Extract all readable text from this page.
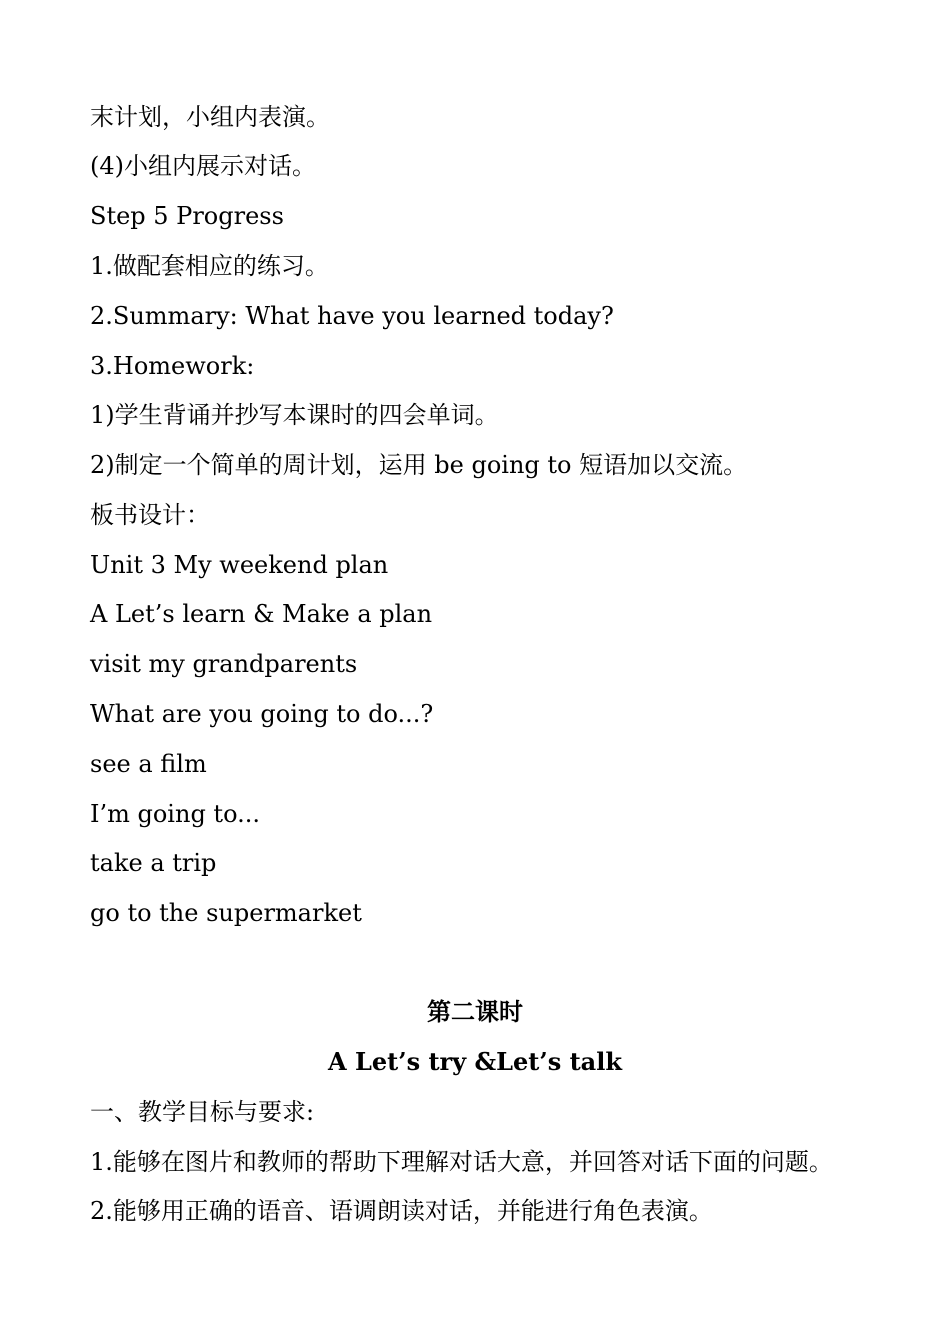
末计划，小组内表演。
(4)小组内展示对话。
Step 5 Progress
1.做配套相应的练习。
2.Summary: What have you learned today?
3.Homework:
1)学生背诵并抄写本课时的四会单词。
2)制定一个简单的周计划，运用 be going to 短语加以交流。
板书设计：
Unit 3 My weekend plan
A Let’s learn & Make a plan
visit my grandparents
What are you going to do...?
see a film
I’m going to...
take a trip
go to the supermarket
第二课时
A Let’s try &Let’s talk
一、教学目标与要求:
1.能够在图片和教师的帮助下理解对话大意，并回答对话下面的问题。
2.能够用正确的语音、语调朗读对话，并能进行角色表演。
